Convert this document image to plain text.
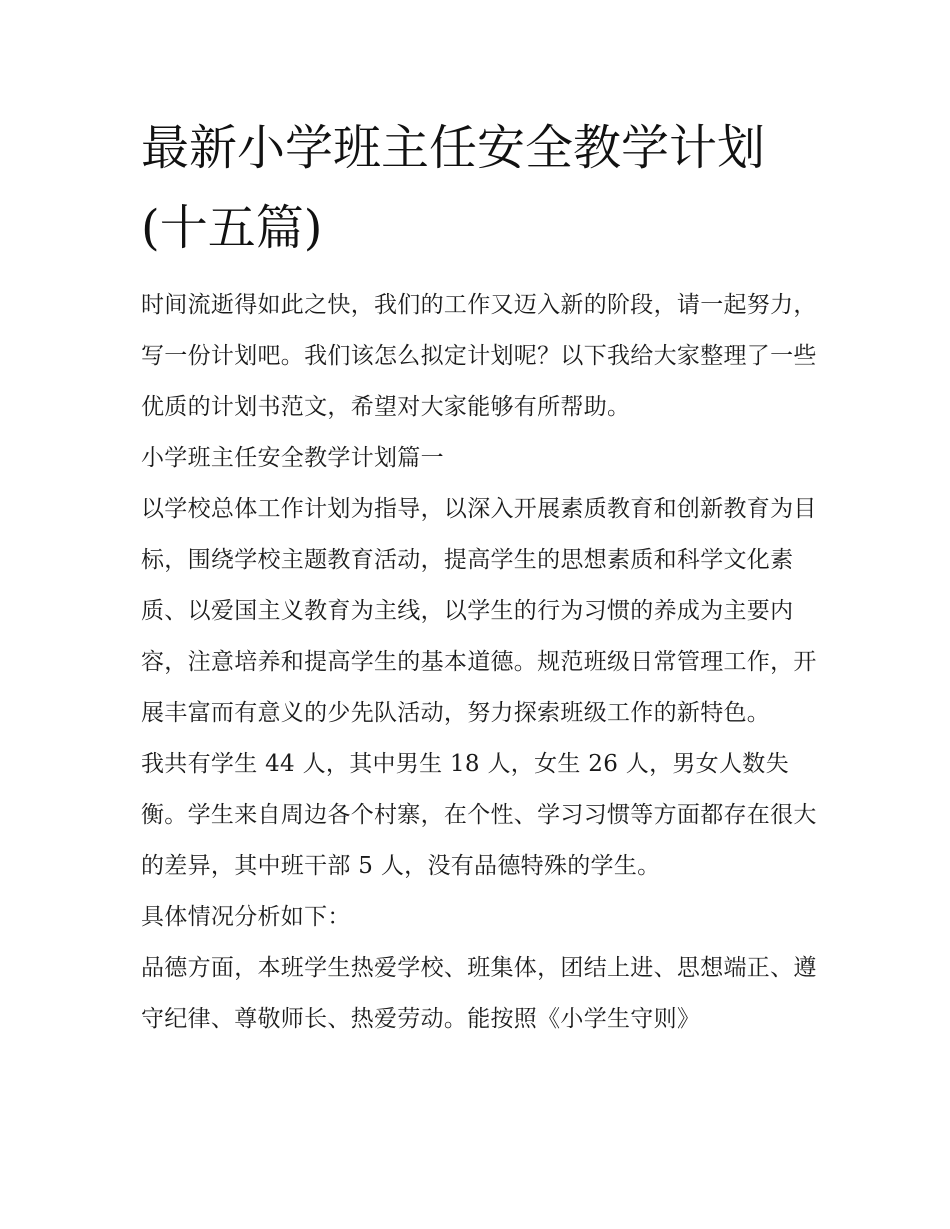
最新小学班主任安全教学计划(十五篇)

时间流逝得如此之快，我们的工作又迈入新的阶段，请一起努力，写一份计划吧。我们该怎么拟定计划呢？以下我给大家整理了一些优质的计划书范文，希望对大家能够有所帮助。

小学班主任安全教学计划篇一

以学校总体工作计划为指导，以深入开展素质教育和创新教育为目标，围绕学校主题教育活动，提高学生的思想素质和科学文化素质、以爱国主义教育为主线，以学生的行为习惯的养成为主要内容，注意培养和提高学生的基本道德。规范班级日常管理工作，开展丰富而有意义的少先队活动，努力探索班级工作的新特色。

我共有学生 44 人，其中男生 18 人，女生 26 人，男女人数失衡。学生来自周边各个村寨，在个性、学习习惯等方面都存在很大的差异，其中班干部 5 人，没有品德特殊的学生。

具体情况分析如下：

品德方面，本班学生热爱学校、班集体，团结上进、思想端正、遵守纪律、尊敬师长、热爱劳动。能按照《小学生守则》
